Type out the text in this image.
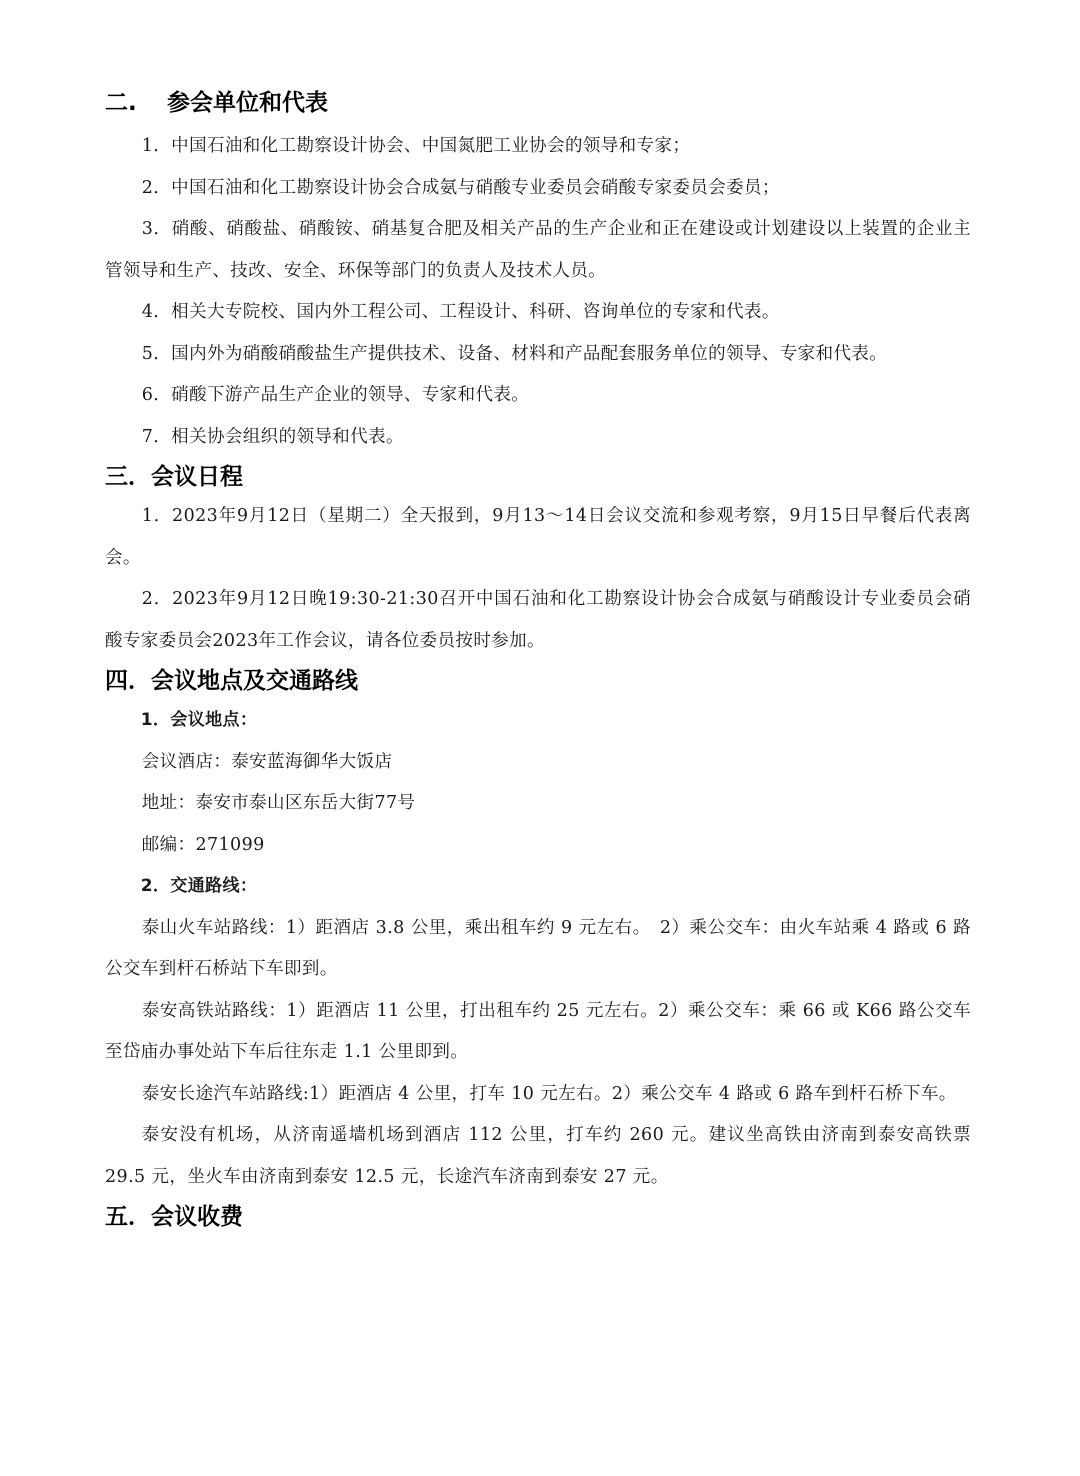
二. 参会单位和代表

1．中国石油和化工勘察设计协会、中国氮肥工业协会的领导和专家；

2．中国石油和化工勘察设计协会合成氨与硝酸专业委员会硝酸专家委员会委员；

3．硝酸、硝酸盐、硝酸铵、硝基复合肥及相关产品的生产企业和正在建设或计划建设以上装置的企业主管领导和生产、技改、安全、环保等部门的负责人及技术人员。

4．相关大专院校、国内外工程公司、工程设计、科研、咨询单位的专家和代表。

5．国内外为硝酸硝酸盐生产提供技术、设备、材料和产品配套服务单位的领导、专家和代表。

6．硝酸下游产品生产企业的领导、专家和代表。

7．相关协会组织的领导和代表。

三．会议日程

1．2023年9月12日（星期二）全天报到，9月13～14日会议交流和参观考察，9月15日早餐后代表离会。

2．2023年9月12日晚19:30-21:30召开中国石油和化工勘察设计协会合成氨与硝酸设计专业委员会硝酸专家委员会2023年工作会议，请各位委员按时参加。

四．会议地点及交通路线

1．会议地点：

会议酒店：泰安蓝海御华大饭店

地址：泰安市泰山区东岳大街77号

邮编：271099

2．交通路线：

泰山火车站路线：1）距酒店 3.8 公里，乘出租车约 9 元左右。　2）乘公交车：由火车站乘 4 路或 6 路公交车到杆石桥站下车即到。

泰安高铁站路线：1）距酒店 11 公里，打出租车约 25 元左右。2）乘公交车：乘 66 或 K66 路公交车至岱庙办事处站下车后往东走 1.1 公里即到。

泰安长途汽车站路线:1）距酒店 4 公里，打车 10 元左右。2）乘公交车 4 路或 6 路车到杆石桥下车。

泰安没有机场，从济南遥墙机场到酒店 112 公里，打车约 260 元。建议坐高铁由济南到泰安高铁票 29.5 元，坐火车由济南到泰安 12.5 元，长途汽车济南到泰安 27 元。

五．会议收费
